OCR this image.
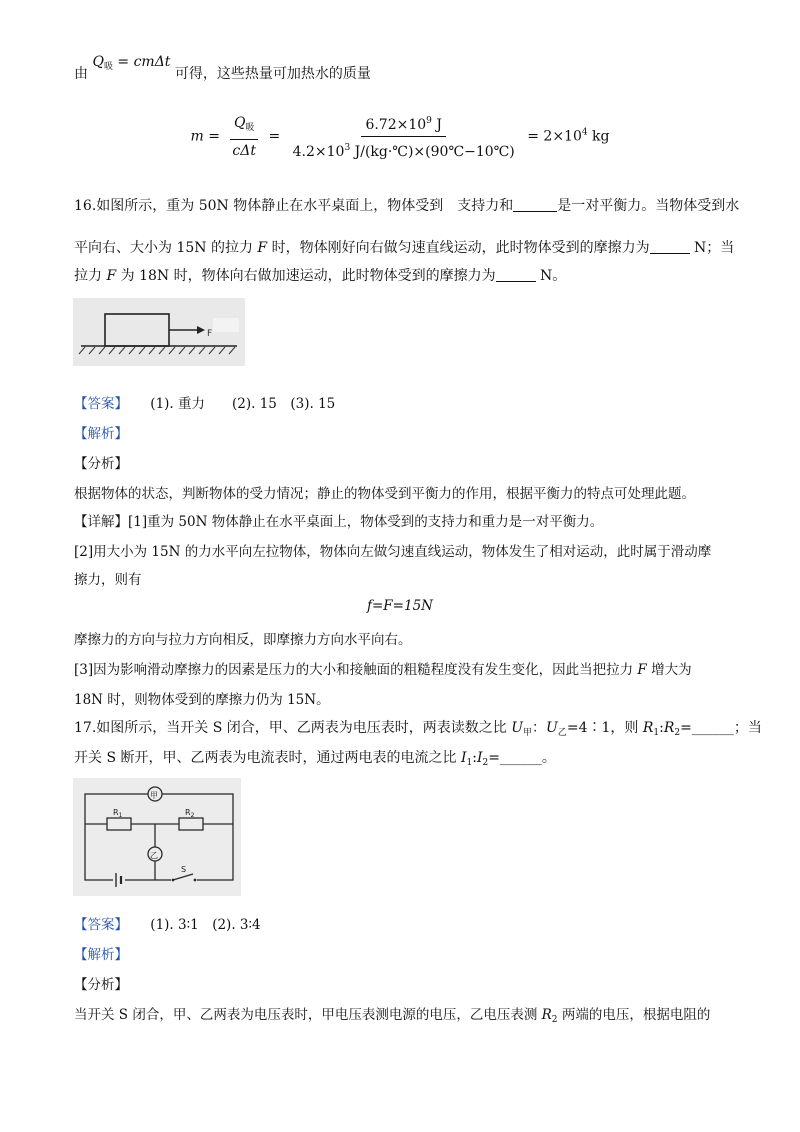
由 $Q_吸 = cm\Delta t$ 可得，这些热量可加热水的质量
$m = \frac{Q_吸}{\text{cΔt}} = \frac{6.72\times 10^9 J}{4.2\times 10^3 J/(kg\cdot℃)\times(90℃-10℃)} = 2\times 10^4$ kg
16.如图所示，重为 50N 物体静止在水平桌面上，物体受到　支持力和	是一对平衡力。当物体受到水
平向右、大小为 15N 的拉力 F 时，物体刚好向右做匀速直线运动，此时物体受到的摩擦力为	N；当
拉力 F 为 18N 时，物体向右做加速运动，此时物体受到的摩擦力为	N。
F
【答案】 (1). 重力　　(2). 15　(3). 15
【解析】
【分析】
根据物体的状态，判断物体的受力情况；静止的物体受到平衡力的作用，根据平衡力的特点可处理此题。
【详解】[1]重为 50N 物体静止在水平桌面上，物体受到的支持力和重力是一对平衡力。
[2]用大小为 15N 的力水平向左拉物体，物体向左做匀速直线运动，物体发生了相对运动，此时属于滑动摩
擦力，则有
f=F=15N
摩擦力的方向与拉力方向相反，即摩擦力方向水平向右。
[3]因为影响滑动摩擦力的因素是压力的大小和接触面的粗糙程度没有发生变化，因此当把拉力 F 增大为
18N 时，则物体受到的摩擦力仍为 15N。
17.如图所示，当开关 S 闭合，甲、乙两表为电压表时，两表读数之比 $U_甲$：$U_乙=4∶1$，则 $R_1:R_2=\_\_\_\_\_\_$；当
开关 S 断开，甲、乙两表为电流表时，通过两电表的电流之比 $I_1:I_2=\_\_\_\_\_\_$。
甲
$R_1$	$R_2$
乙
S
【答案】 (1). 3∶1　(2). 3∶4
【解析】
【分析】
当开关 S 闭合，甲、乙两表为电压表时，甲电压表测电源的电压，乙电压表测 $R_2$ 两端的电压，根据电阻的
